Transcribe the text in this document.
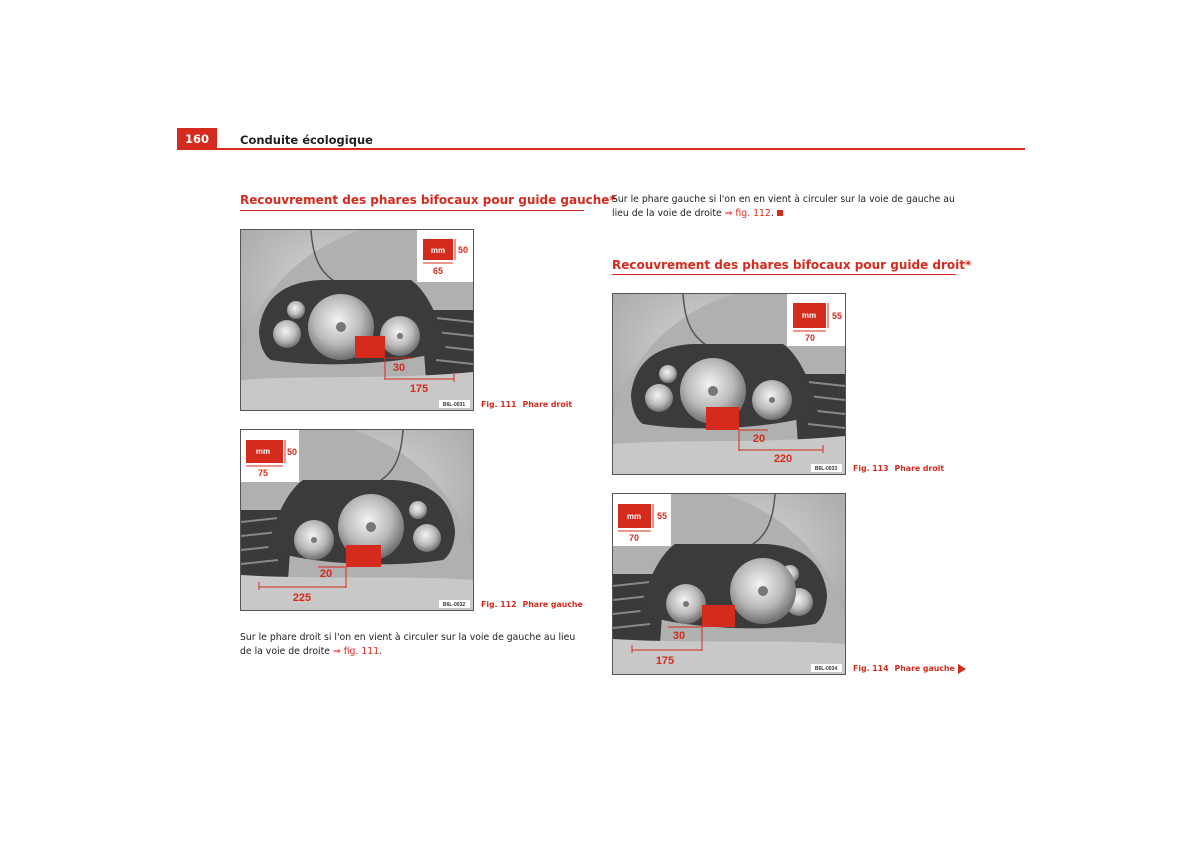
160	Conduite écologique
Recouvrement des phares bifocaux pour guide gauche*
30
175
mm 50
65
B6L-0031 Fig. 111 Phare droit
20
225
mm 50
75
B6L-0032 Fig. 112 Phare gauche
Sur le phare droit si l'on en vient à circuler sur la voie de gauche au lieu de la voie de droite ⇒ fig. 111.
Sur le phare gauche si l'on en en vient à circuler sur la voie de gauche au lieu de la voie de droite ⇒ fig. 112.
Recouvrement des phares bifocaux pour guide droit*
20
220
mm 55
70
B6L-0033 Fig. 113 Phare droit
30
175
mm 55
70
B6L-0034 Fig. 114 Phare gauche
